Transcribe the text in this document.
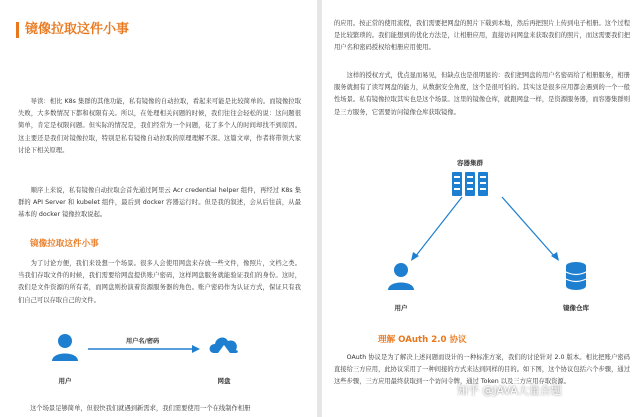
镜像拉取这件小事
导读：相比 K8s 集群的其他功能，私有镜像的自动拉取，看起来可能是比较简单的。而镜像拉取失败，大多数情况下都和权限有关。所以，在处理相关问题的时候，我们往往会轻松的说：这问题很简单，肯定是权限问题。但实际的情况是，我们经常为一个问题，花了多个人的时间却找不到原因。这主要还是我们对镜像拉取，特别是私有镜像自动拉取的原理理解不深。这篇文章，作者将带领大家讨论下相关原理。
顺序上来说，私有镜像自动拉取会首先通过阿里云 Acr credential helper 组件，再经过 K8s 集群的 API Server 和 kubelet 组件，最后到 docker 容器运行时。但是我的叙述，会从后往前，从最基本的 docker 镜像拉取说起。
镜像拉取这件小事
为了讨论方便，我们来设想一个场景。很多人会使用网盘来存放一些文件，像照片，文档之类。当我们存取文件的时候，我们需要给网盘提供账户密码，这样网盘服务就能验证我们的身份。这时，我们是文件资源的所有者，而网盘则扮演着资源服务器的角色。账户密码作为认证方式，保证只有我们自己可以存取自己的文件。
用户
用户名/密码
网盘
这个场景足够简单，但很快我们就遇到新需求，我们需要使用一个在线制作相册
的应用。按正常的使用流程，我们需要把网盘的照片下载到本地，然后再把照片上传到电子相册。这个过程是比较繁琐的。我们能想到的优化方法是，让相册应用，直接访问网盘来获取我们的照片，而这需要我们把用户名和密码授权给相册应用使用。
这样的授权方式，优点显而易见，但缺点也是很明显的：我们把网盘的用户名密码给了相册服务，相册服务就拥有了读写网盘的能力，从数据安全角度，这个是很可怕的。其实这是很多应用都会遇到的一个一般性场景。私有镜像拉取其实也是这个场景。这里的镜像仓库，就跟网盘一样，是资源服务器，而容器集群则是三方服务，它需要访问镜像仓库获取镜像。
容器集群
用户	镜像仓库
理解 OAuth 2.0 协议
OAuth 协议是为了解决上述问题而设计的一种标准方案，我们的讨论针对 2.0 版本。相比把账户密码直接给三方应用，此协议采用了一种间接的方式来达到同样的目的。如下图，这个协议包括六个步骤，通过这些步骤，三方应用最终获取到一个访问令牌，通过 Token 以及三方应用存取资源。
知乎 @JAVA大量合题
